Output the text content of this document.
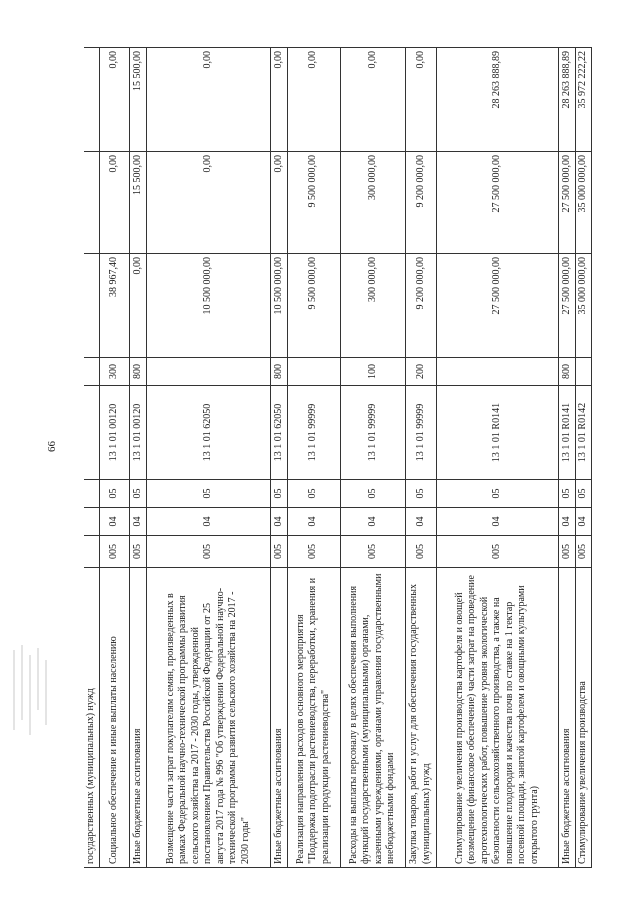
66
государственных (муниципальных) нужд								
Социальное обеспечение и иные выплаты населению	005	04	05	13 1 01 00120	300	38 967,40	0,00	0,00
Иные бюджетные ассигнования	005	04	05	13 1 01 00120	800	0,00	15 500,00	15 500,00
Возмещение части затрат покупателям семян, произведенных в рамках Федеральной научно-технической программы развития сельского хозяйства на 2017 - 2030 годы, утвержденной постановлением Правительства Российской Федерации от 25 августа 2017 года № 996 "Об утверждении Федеральной научно-технической программы развития сельского хозяйства на 2017 - 2030 годы"	005	04	05	13 1 01 62050		10 500 000,00	0,00	0,00
Иные бюджетные ассигнования	005	04	05	13 1 01 62050	800	10 500 000,00	0,00	0,00
Реализация направления расходов основного мероприятия "Поддержка подотрасли растениеводства, переработки, хранения и реализации продукции растениеводства"	005	04	05	13 1 01 99999		9 500 000,00	9 500 000,00	0,00
Расходы на выплаты персоналу в целях обеспечения выполнения функций государственными (муниципальными) органами, казенными учреждениями, органами управления государственными внебюджетными фондами	005	04	05	13 1 01 99999	100	300 000,00	300 000,00	0,00
Закупка товаров, работ и услуг для обеспечения государственных (муниципальных) нужд	005	04	05	13 1 01 99999	200	9 200 000,00	9 200 000,00	0,00
Стимулирование увеличения производства картофеля и овощей (возмещение (финансовое обеспечение) части затрат на проведение агротехнологических работ, повышение уровня экологической безопасности сельскохозяйственного производства, а также на повышение плодородия и качества почв по ставке на 1 гектар посевной площади, занятой картофелем и овощными культурами открытого грунта)	005	04	05	13 1 01 R0141		27 500 000,00	27 500 000,00	28 263 888,89
Иные бюджетные ассигнования	005	04	05	13 1 01 R0141	800	27 500 000,00	27 500 000,00	28 263 888,89
Стимулирование увеличения производства	005	04	05	13 1 01 R0142		35 000 000,00	35 000 000,00	35 972 222,22
